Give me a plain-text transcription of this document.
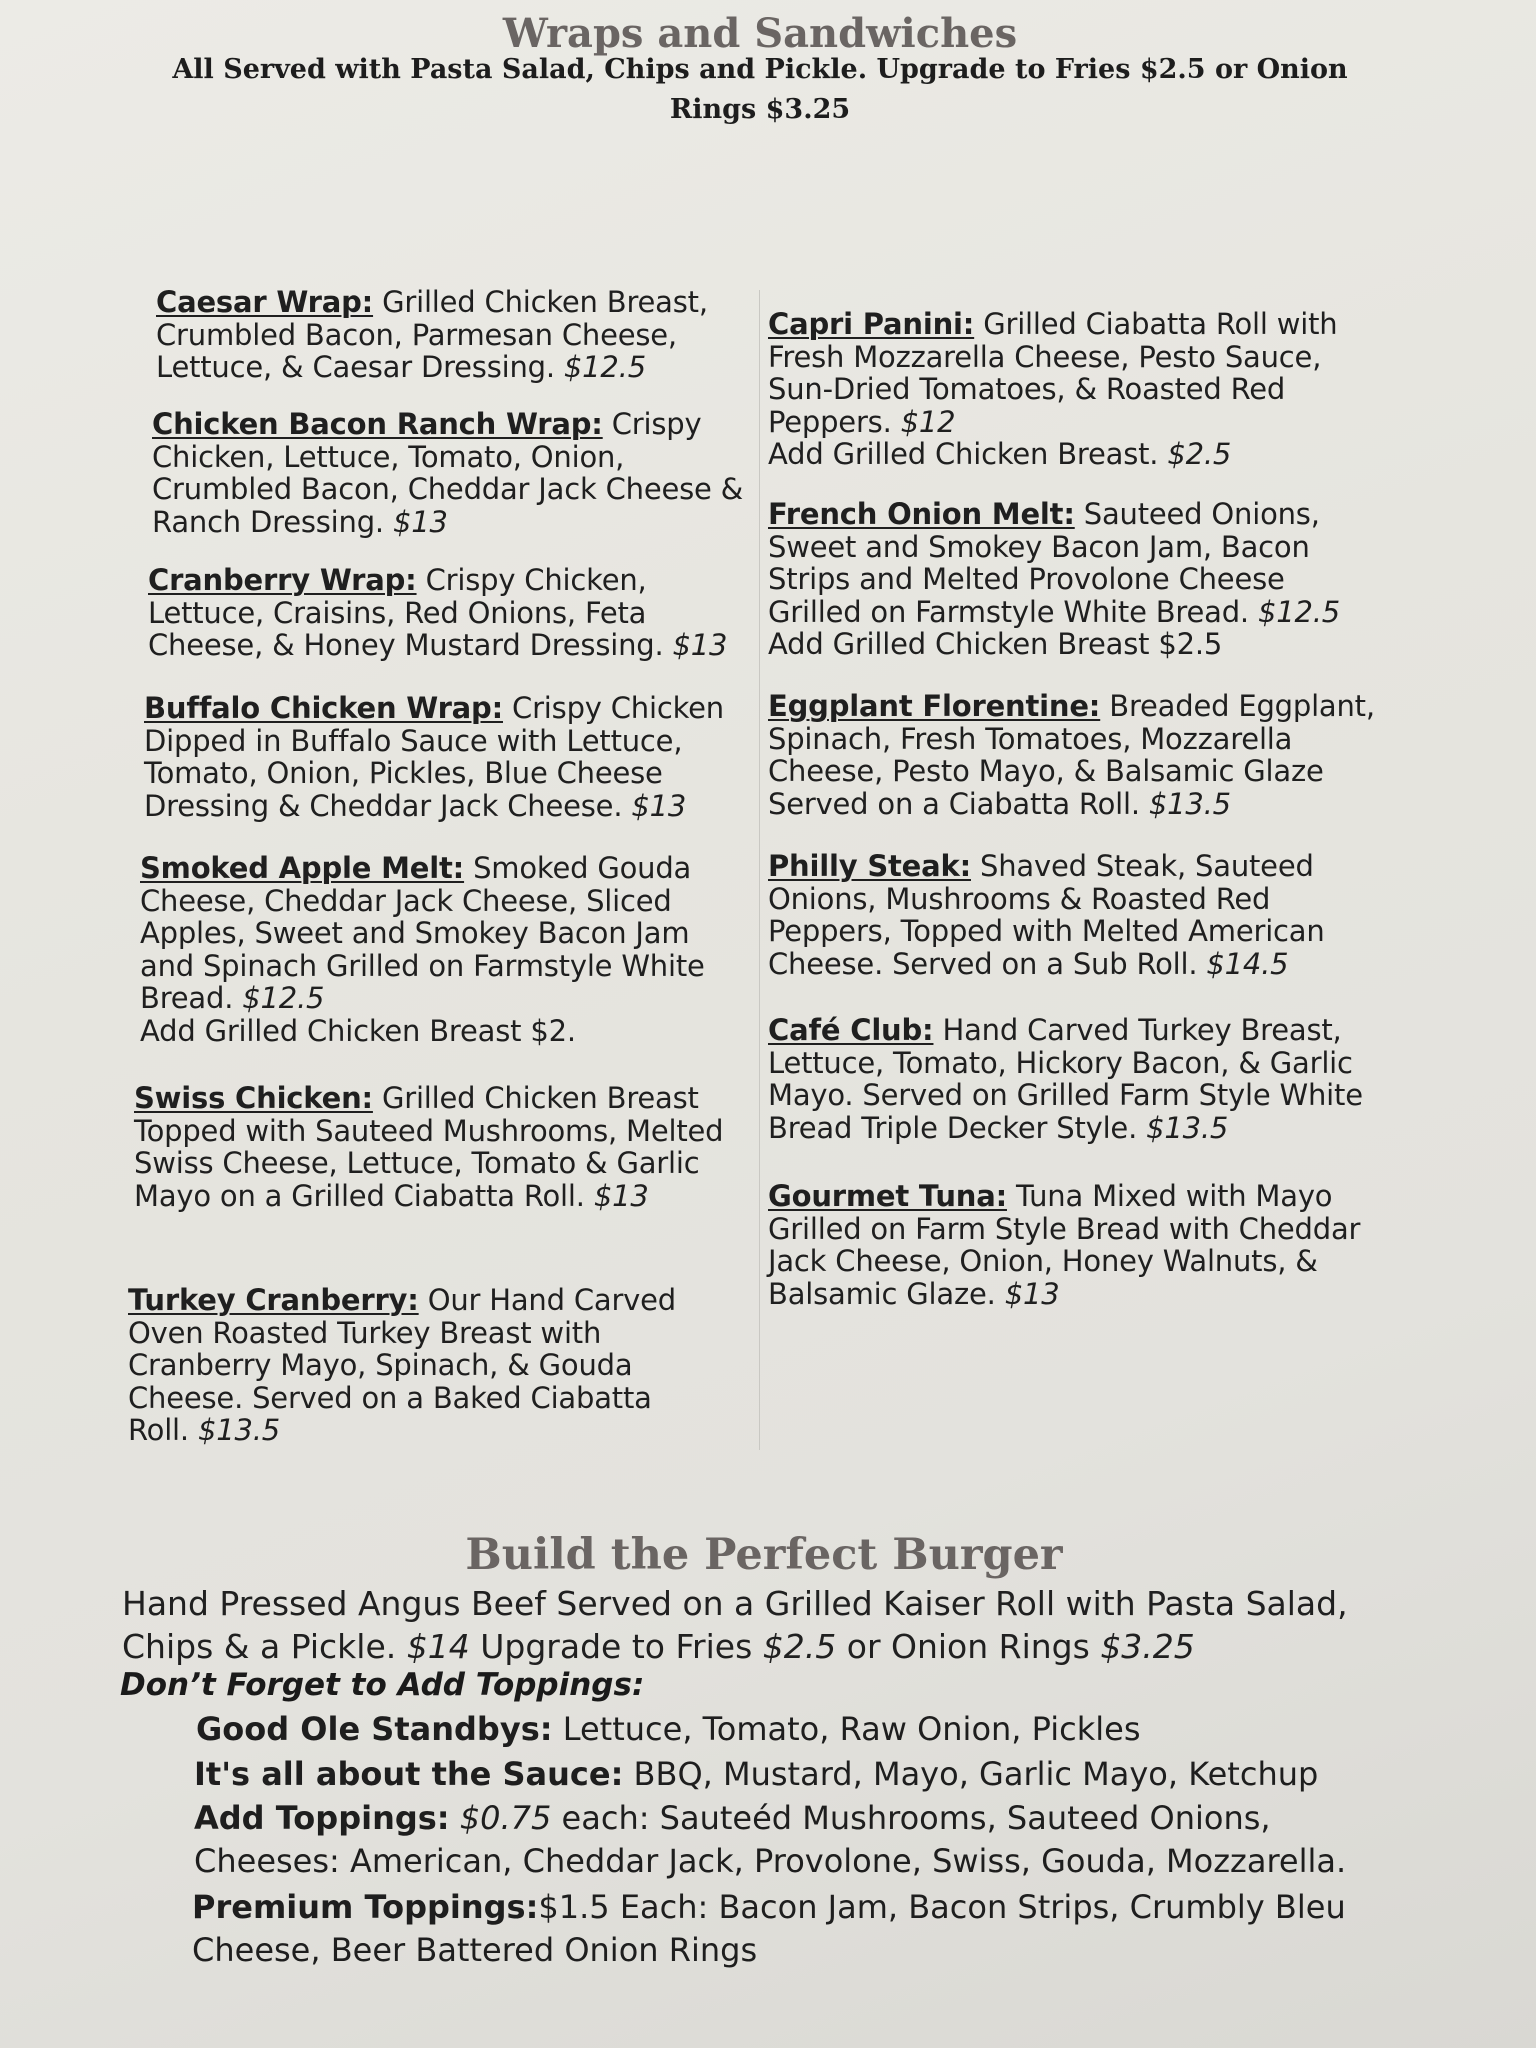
Wraps and Sandwiches
All Served with Pasta Salad, Chips and Pickle. Upgrade to Fries $2.5 or Onion Rings $3.25
Caesar Wrap: Grilled Chicken Breast, Crumbled Bacon, Parmesan Cheese, Lettuce, & Caesar Dressing. $12.5
Chicken Bacon Ranch Wrap: Crispy Chicken, Lettuce, Tomato, Onion, Crumbled Bacon, Cheddar Jack Cheese & Ranch Dressing. $13
Cranberry Wrap: Crispy Chicken, Lettuce, Craisins, Red Onions, Feta Cheese, & Honey Mustard Dressing. $13
Buffalo Chicken Wrap: Crispy Chicken Dipped in Buffalo Sauce with Lettuce, Tomato, Onion, Pickles, Blue Cheese Dressing & Cheddar Jack Cheese. $13
Smoked Apple Melt: Smoked Gouda Cheese, Cheddar Jack Cheese, Sliced Apples, Sweet and Smokey Bacon Jam and Spinach Grilled on Farmstyle White Bread. $12.5
Add Grilled Chicken Breast $2.
Swiss Chicken: Grilled Chicken Breast Topped with Sauteed Mushrooms, Melted Swiss Cheese, Lettuce, Tomato & Garlic Mayo on a Grilled Ciabatta Roll. $13
Turkey Cranberry: Our Hand Carved Oven Roasted Turkey Breast with Cranberry Mayo, Spinach, & Gouda Cheese. Served on a Baked Ciabatta Roll. $13.5
Capri Panini: Grilled Ciabatta Roll with Fresh Mozzarella Cheese, Pesto Sauce, Sun-Dried Tomatoes, & Roasted Red Peppers. $12
Add Grilled Chicken Breast. $2.5
French Onion Melt: Sauteed Onions, Sweet and Smokey Bacon Jam, Bacon Strips and Melted Provolone Cheese Grilled on Farmstyle White Bread. $12.5
Add Grilled Chicken Breast $2.5
Eggplant Florentine: Breaded Eggplant, Spinach, Fresh Tomatoes, Mozzarella Cheese, Pesto Mayo, & Balsamic Glaze Served on a Ciabatta Roll. $13.5
Philly Steak: Shaved Steak, Sauteed Onions, Mushrooms & Roasted Red Peppers, Topped with Melted American Cheese. Served on a Sub Roll. $14.5
Café Club: Hand Carved Turkey Breast, Lettuce, Tomato, Hickory Bacon, & Garlic Mayo. Served on Grilled Farm Style White Bread Triple Decker Style. $13.5
Gourmet Tuna: Tuna Mixed with Mayo Grilled on Farm Style Bread with Cheddar Jack Cheese, Onion, Honey Walnuts, & Balsamic Glaze. $13
Build the Perfect Burger
Hand Pressed Angus Beef Served on a Grilled Kaiser Roll with Pasta Salad, Chips & a Pickle. $14 Upgrade to Fries $2.5 or Onion Rings $3.25
Don’t Forget to Add Toppings:
Good Ole Standbys: Lettuce, Tomato, Raw Onion, Pickles
It's all about the Sauce: BBQ, Mustard, Mayo, Garlic Mayo, Ketchup
Add Toppings: $0.75 each: Sauteéd Mushrooms, Sauteed Onions, Cheeses: American, Cheddar Jack, Provolone, Swiss, Gouda, Mozzarella.
Premium Toppings:$1.5 Each: Bacon Jam, Bacon Strips, Crumbly Bleu Cheese, Beer Battered Onion Rings
